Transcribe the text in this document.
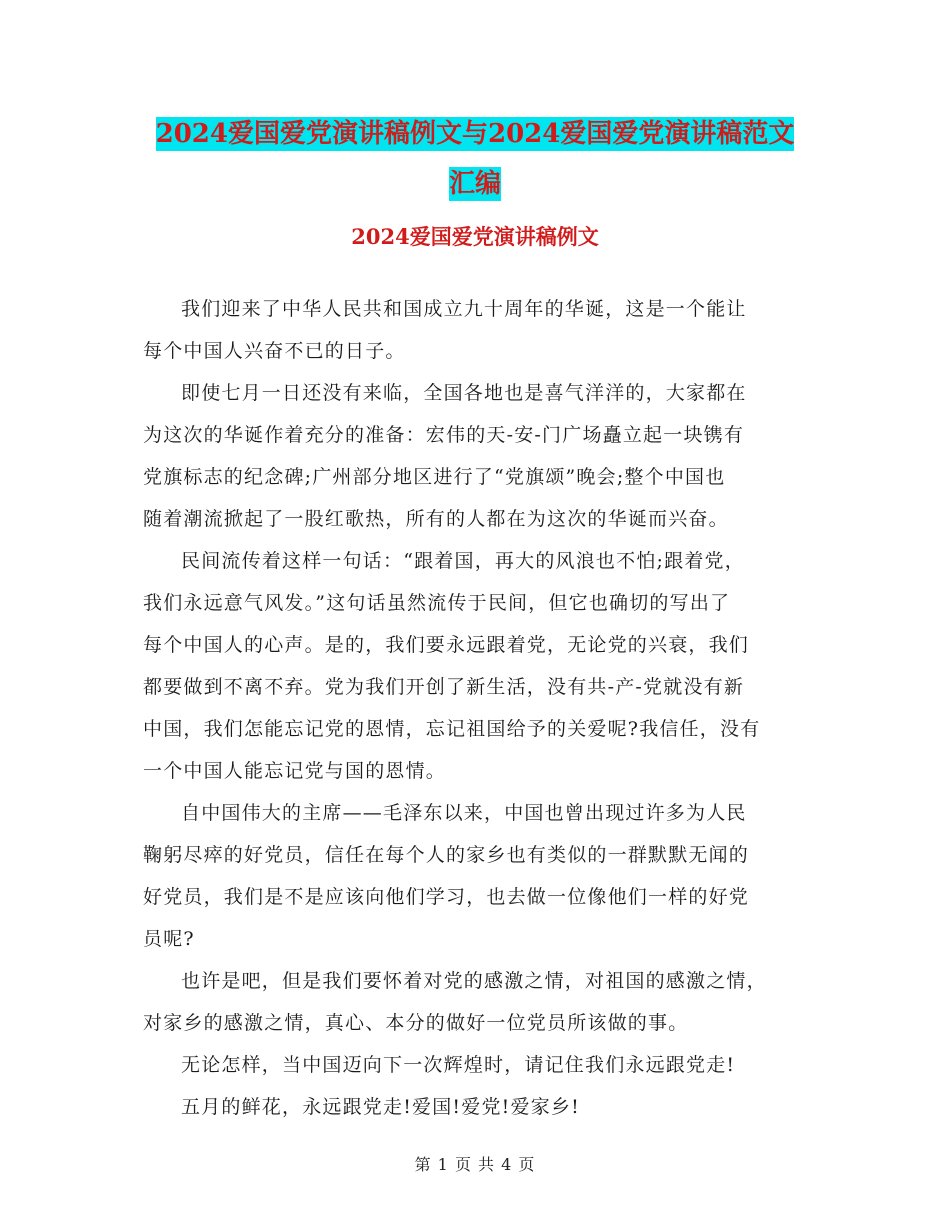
2024爱国爱党演讲稿例文与2024爱国爱党演讲稿范文
汇编
2024爱国爱党演讲稿例文
我们迎来了中华人民共和国成立九十周年的华诞，这是一个能让
每个中国人兴奋不已的日子。
即使七月一日还没有来临，全国各地也是喜气洋洋的，大家都在
为这次的华诞作着充分的准备：宏伟的天-安-门广场矗立起一块镌有
党旗标志的纪念碑;广州部分地区进行了“党旗颂”晚会;整个中国也
随着潮流掀起了一股红歌热，所有的人都在为这次的华诞而兴奋。
民间流传着这样一句话：“跟着国，再大的风浪也不怕;跟着党，
我们永远意气风发。”这句话虽然流传于民间，但它也确切的写出了
每个中国人的心声。是的，我们要永远跟着党，无论党的兴衰，我们
都要做到不离不弃。党为我们开创了新生活，没有共-产-党就没有新
中国，我们怎能忘记党的恩情，忘记祖国给予的关爱呢?我信任，没有
一个中国人能忘记党与国的恩情。
自中国伟大的主席——毛泽东以来，中国也曾出现过许多为人民
鞠躬尽瘁的好党员，信任在每个人的家乡也有类似的一群默默无闻的
好党员，我们是不是应该向他们学习，也去做一位像他们一样的好党
员呢?
也许是吧，但是我们要怀着对党的感激之情，对祖国的感激之情，
对家乡的感激之情，真心、本分的做好一位党员所该做的事。
无论怎样，当中国迈向下一次辉煌时，请记住我们永远跟党走!
五月的鲜花，永远跟党走!爱国!爱党!爱家乡!
第 1 页 共 4 页
